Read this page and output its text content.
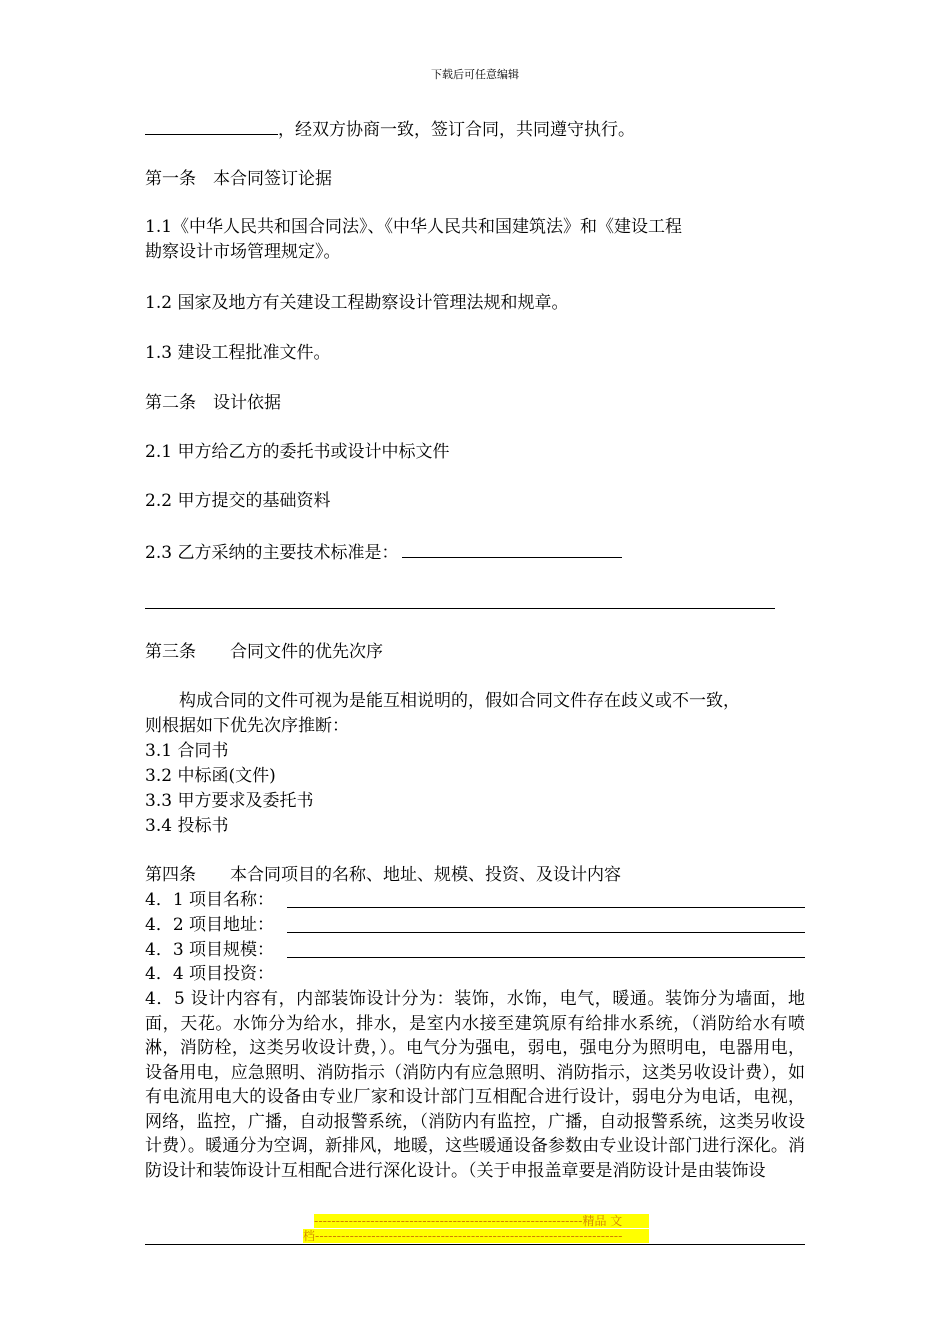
下载后可任意编辑
，经双方协商一致，签订合同，共同遵守执行。
第一条　本合同签订论据
1.1《中华人民共和国合同法》、《中华人民共和国建筑法》和《建设工程
勘察设计市场管理规定》。
1.2 国家及地方有关建设工程勘察设计管理法规和规章。
1.3 建设工程批准文件。
第二条　设计依据
2.1 甲方给乙方的委托书或设计中标文件
2.2 甲方提交的基础资料
2.3 乙方采纳的主要技术标准是：
第三条　　合同文件的优先次序
　　构成合同的文件可视为是能互相说明的，假如合同文件存在歧义或不一致，
则根据如下优先次序推断：
3.1 合同书
3.2 中标函(文件)
3.3 甲方要求及委托书
3.4 投标书
第四条　　本合同项目的名称、地址、规模、投资、及设计内容
4．1 项目名称：
4．2 项目地址：
4．3 项目规模：
4．4 项目投资：
4．5 设计内容有，内部装饰设计分为：装饰，水饰，电气，暖通。装饰分为墙面，地面，天花。水饰分为给水，排水，是室内水接至建筑原有给排水系统，（消防给水有喷淋，消防栓，这类另收设计费，）。电气分为强电，弱电，强电分为照明电，电器用电，设备用电，应急照明、消防指示（消防内有应急照明、消防指示，这类另收设计费），如有电流用电大的设备由专业厂家和设计部门互相配合进行设计，弱电分为电话，电视，网络，监控，广播，自动报警系统，（消防内有监控，广播，自动报警系统，这类另收设计费）。暖通分为空调，新排风，地暖，这些暖通设备参数由专业设计部门进行深化。消防设计和装饰设计互相配合进行深化设计。（关于申报盖章要是消防设计是由装饰设
--------------------------------------------------------------精品 文
档-----------------------------------------------------------------------
